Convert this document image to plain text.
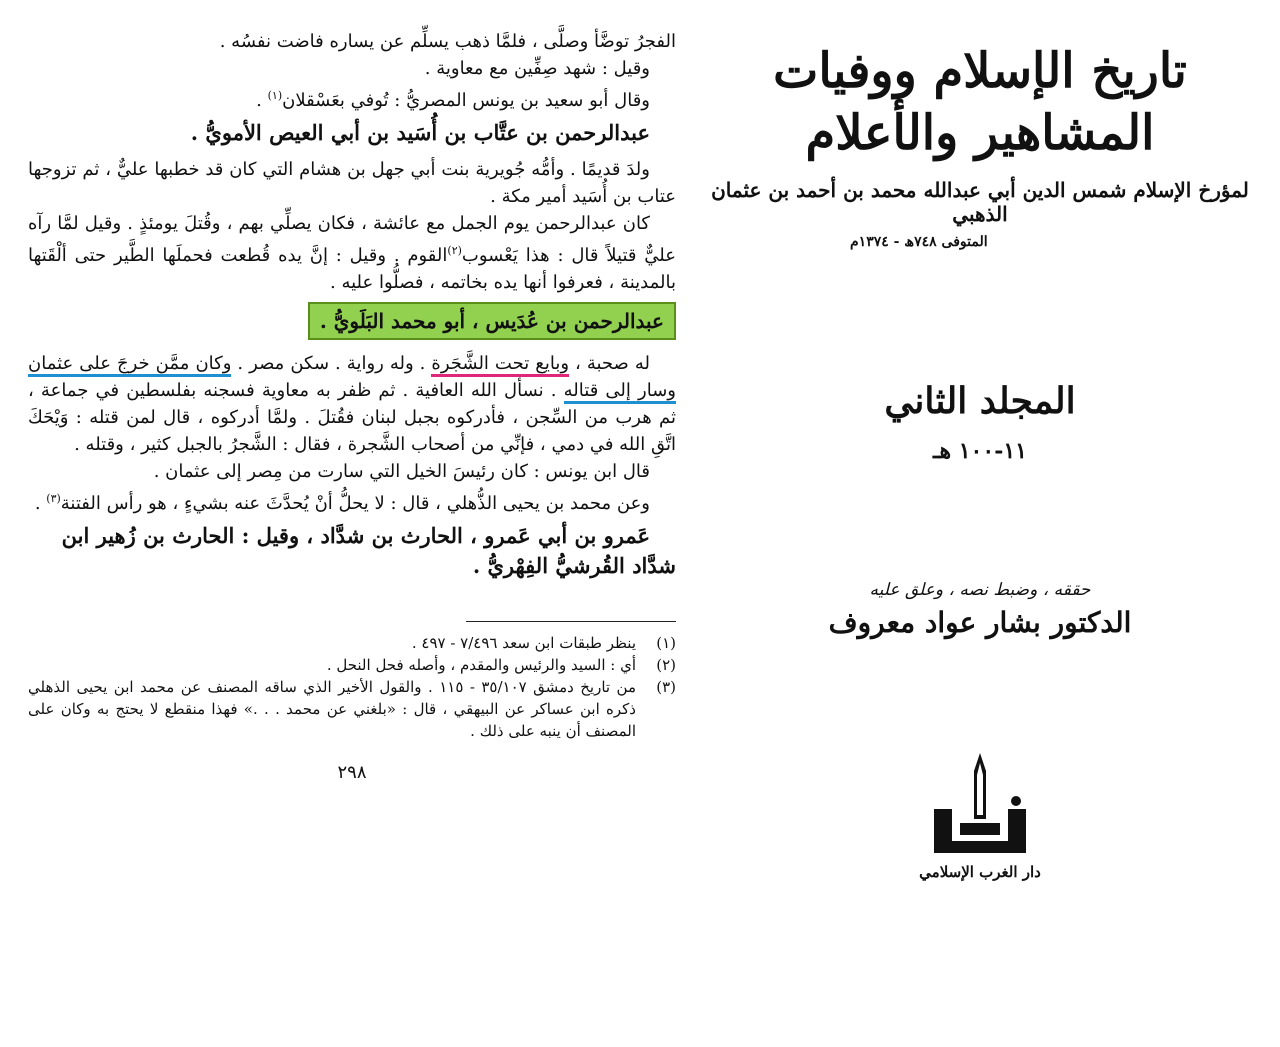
الفجرُ توضَّأ وصلَّى ، فلمَّا ذهب يسلِّم عن يساره فاضت نفسُه .

وقيل : شهد صِفِّين مع معاوية .

وقال أبو سعيد بن يونس المصريُّ : تُوفي بعَسْقلان$^{(١)}$ .

عبدالرحمن بن عتَّاب بن أُسَيد بن أبي العيص الأمويُّ .

ولدَ قديمًا . وأمُّه جُويرية بنت أبي جهل بن هشام التي كان قد خطبها عليٌّ ، ثم تزوجها عتاب بن أُسَيد أمير مكة .

كان عبدالرحمن يوم الجمل مع عائشة ، فكان يصلِّي بهم ، وقُتلَ يومئذٍ . وقيل لمَّا رآه عليٌّ قتيلاً قال : هذا يَعْسوب$^{(٢)}$القوم . وقيل : إنَّ يده قُطعت فحملَها الطَّير حتى ألْقَتها بالمدينة ، فعرفوا أنها يده بخاتمه ، فصلُّوا عليه .

عبدالرحمن بن عُدَيس ، أبو محمد البَلَويُّ .

له صحبة ، وبايع تحت الشَّجَرة . وله رواية . سكن مصر . وكان ممَّن خرجَ على عثمان وسار إلى قتاله . نسأل الله العافية . ثم ظفر به معاوية فسجنه بفلسطين في جماعة ، ثم هرب من السِّجن ، فأدركوه بجبل لبنان فقُتلَ . ولمَّا أدركوه ، قال لمن قتله : وَيْحَكَ اتَّقِ الله في دمي ، فإنِّي من أصحاب الشَّجرة ، فقال : الشَّجرُ بالجبل كثير ، وقتله .

قال ابن يونس : كان رئيسَ الخيل التي سارت من مِصر إلى عثمان .

وعن محمد بن يحيى الذُّهلي ، قال : لا يحلُّ أنْ يُحدَّثَ عنه بشيءٍ ، هو رأس الفتنة$^{(٣)}$ .

عَمرو بن أبي عَمرو ، الحارث بن شدَّاد ، وقيل : الحارث بن زُهير ابن شدَّاد القُرشيُّ الفِهْريُّ .

(١)
ينظر طبقات ابن سعد ٧/٤٩٦ - ٤٩٧ .
(٢)
أي : السيد والرئيس والمقدم ، وأصله فحل النحل .
(٣)
من تاريخ دمشق ٣٥/١٠٧ - ١١٥ . والقول الأخير الذي ساقه المصنف عن محمد ابن يحيى الذهلي ذكره ابن عساكر عن البيهقي ، قال : «بلغني عن محمد . . .» فهذا منقطع لا يحتج به وكان على المصنف أن ينبه على ذلك .
٢٩٨

تاريخ الإسلام ووفيات المشاهير والأعلام

لمؤرخ الإسلام شمس الدين أبي عبدالله محمد بن أحمد بن عثمان الذهبي

المتوفى ٧٤٨ھ - ١٣٧٤م

المجلد الثاني

١١-١٠٠ هـ

حققه ، وضبط نصه ، وعلق عليه

الدكتور بشار عواد معروف

دار الغرب الإسلامي
